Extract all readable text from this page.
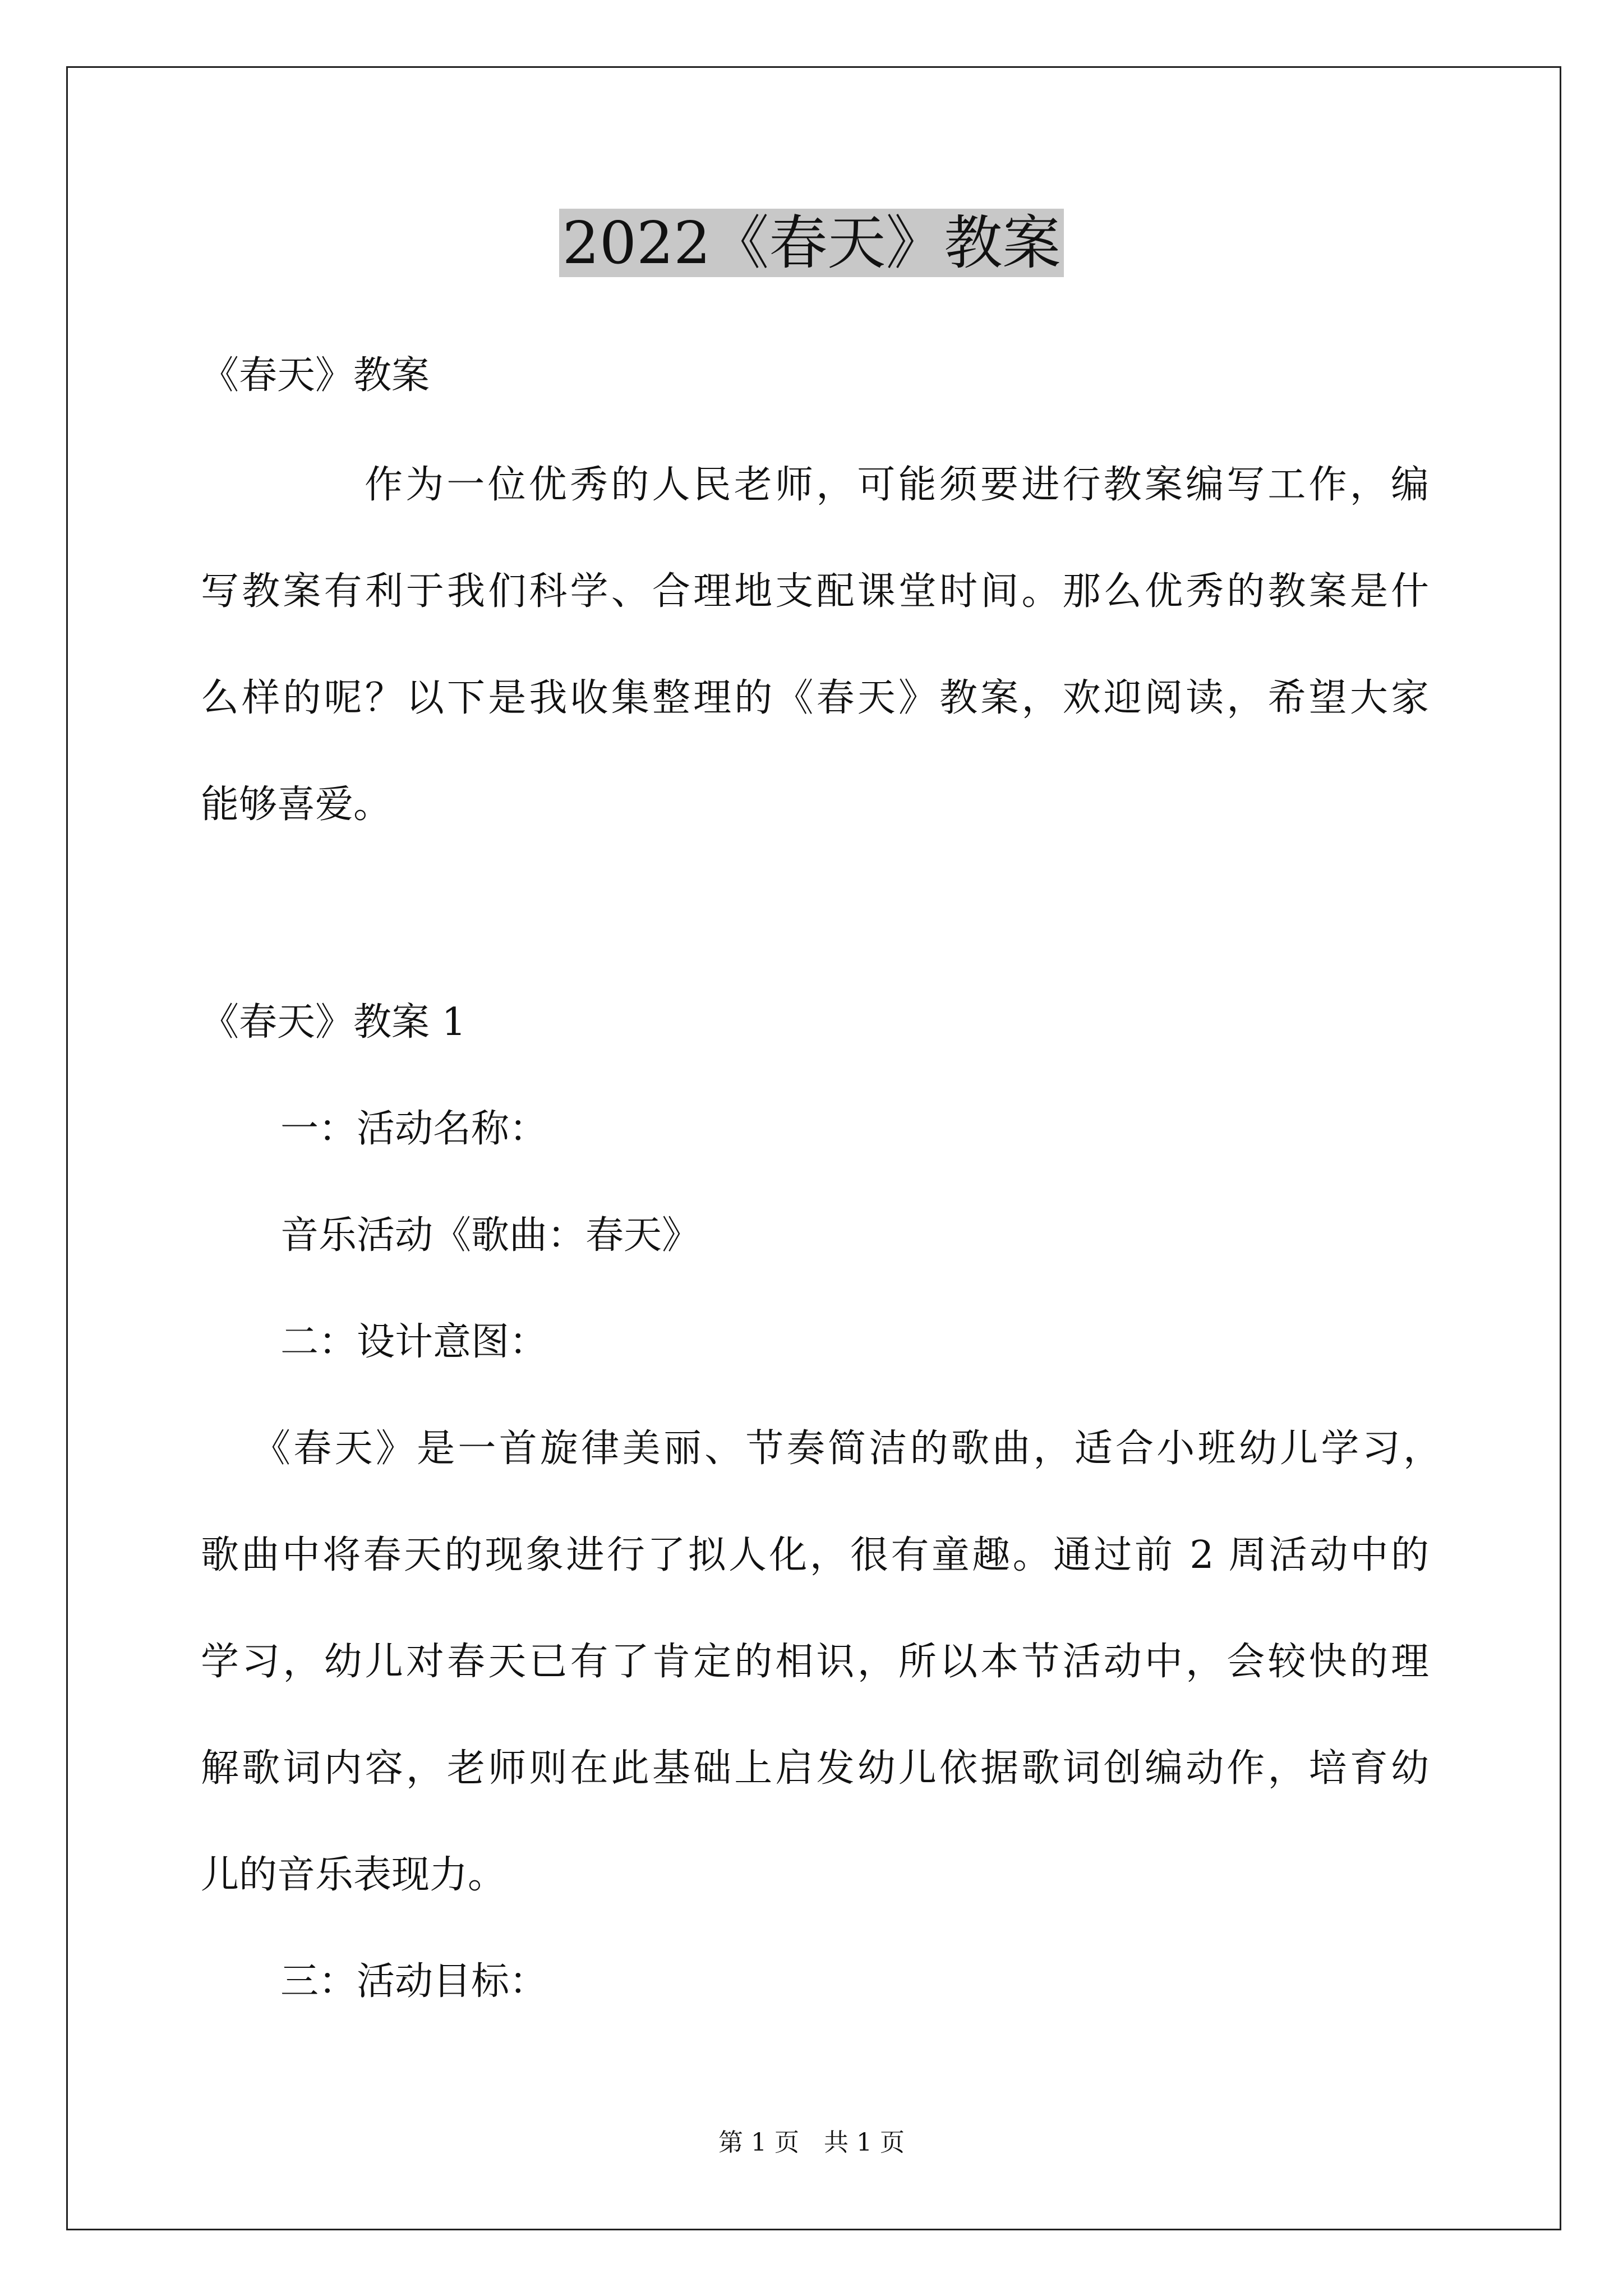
2022《春天》教案

《春天》教案

作为一位优秀的人民老师，可能须要进行教案编写工作，编

写教案有利于我们科学、合理地支配课堂时间。那么优秀的教案是什

么样的呢？以下是我收集整理的《春天》教案，欢迎阅读，希望大家

能够喜爱。

《春天》教案 1

一：活动名称：

音乐活动《歌曲：春天》

二：设计意图：

《春天》是一首旋律美丽、节奏简洁的歌曲，适合小班幼儿学习，

歌曲中将春天的现象进行了拟人化，很有童趣。通过前 2 周活动中的

学习，幼儿对春天已有了肯定的相识，所以本节活动中，会较快的理

解歌词内容，老师则在此基础上启发幼儿依据歌词创编动作，培育幼

儿的音乐表现力。

三：活动目标：

第 1 页　共 1 页
